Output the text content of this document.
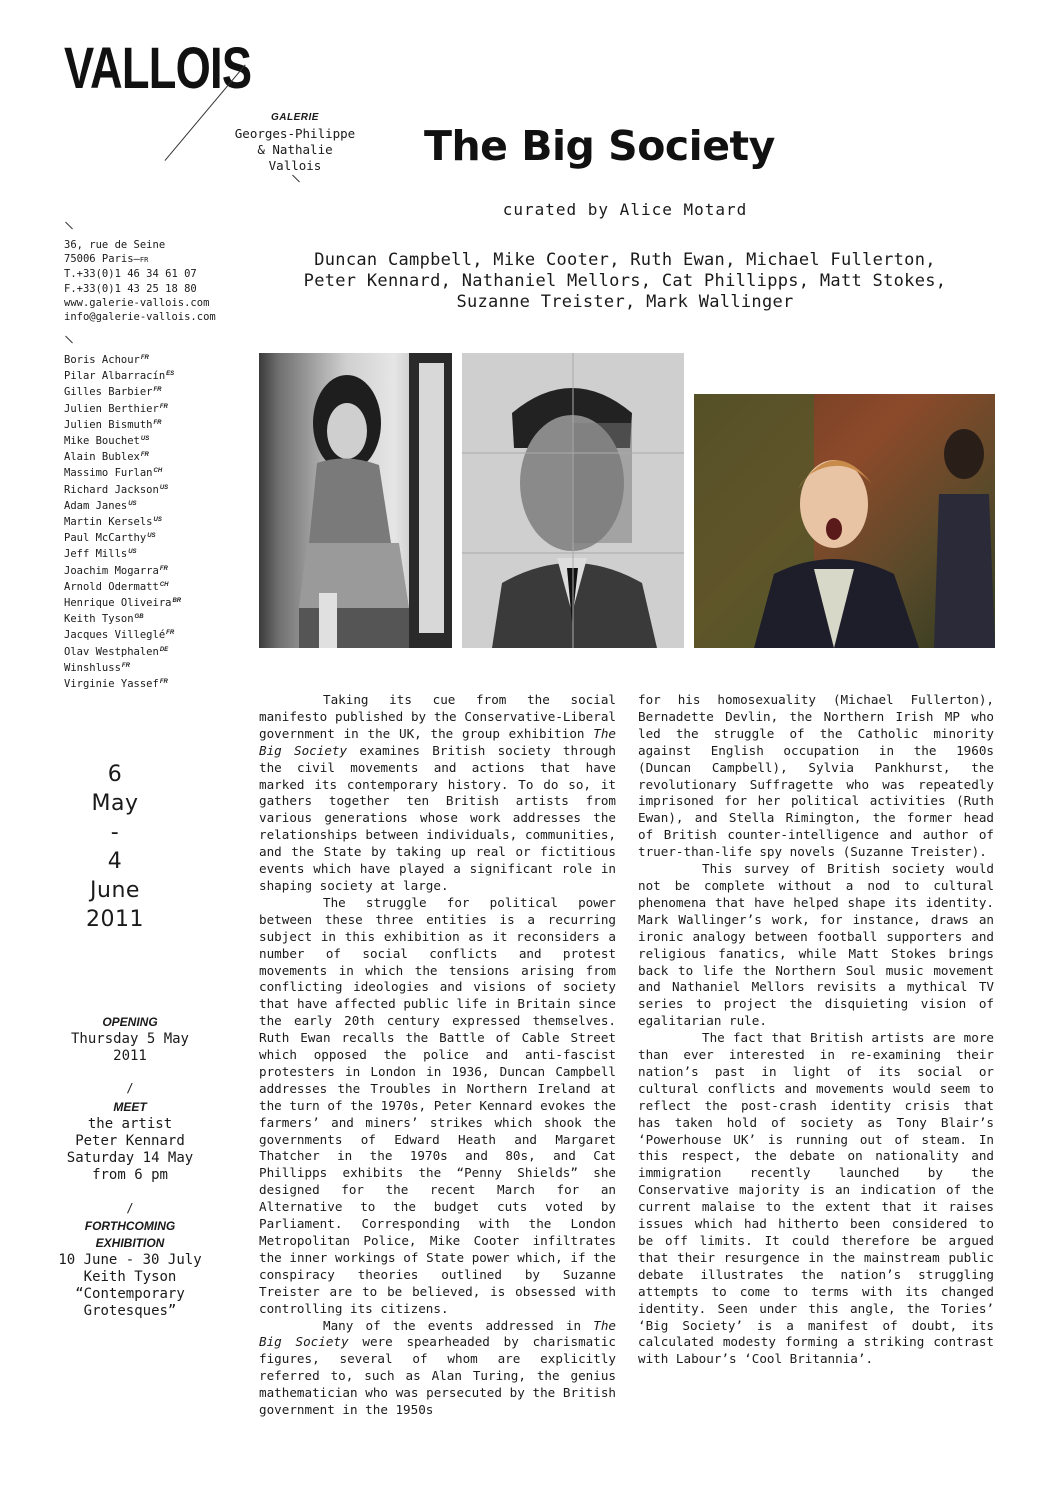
VALLOIS
GALERIE
Georges-Philippe
& Nathalie
Vallois	The Big Society
curated by Alice Motard
Duncan Campbell, Mike Cooter, Ruth Ewan, Michael Fullerton,
Peter Kennard, Nathaniel Mellors, Cat Phillipps, Matt Stokes,
Suzanne Treister, Mark Wallinger
36, rue de Seine
75006 Paris—FR
T.+33(0)1 46 34 61 07
F.+33(0)1 43 25 18 80
www.galerie-vallois.com
info@galerie-vallois.com
Boris Achour$^{FR}$
Pilar Albarracín$^{ES}$
Gilles Barbier$^{FR}$
Julien Berthier$^{FR}$
Julien Bismuth$^{FR}$
Mike Bouchet$^{US}$
Alain Bublex$^{FR}$
Massimo Furlan$^{CH}$
Richard Jackson$^{US}$
Adam Janes$^{US}$
Martin Kersels$^{US}$
Paul McCarthy$^{US}$
Jeff Mills$^{US}$
Joachim Mogarra$^{FR}$
Arnold Odermatt$^{CH}$
Henrique Oliveira$^{BR}$
Keith Tyson$^{GB}$
Jacques Villeglé$^{FR}$
Olav Westphalen$^{DE}$
Winshluss$^{FR}$
Virginie Yassef$^{FR}$
6
May
-
4
June
2011
OPENING
Thursday 5 May
2011
/
MEET
the artist
Peter Kennard
Saturday 14 May
from 6 pm
/
FORTHCOMING
EXHIBITION
10 June - 30 July
Keith Tyson
“Contemporary
Grotesques”

Taking its cue from the social manifesto published by the Conservative-Liberal government in the UK, the group exhibition The Big Society examines British society through the civil movements and actions that have marked its contemporary history. To do so, it gathers together ten British artists from various generations whose work addresses the relationships between individuals, communities, and the State by taking up real or fictitious events which have played a significant role in shaping society at large.

The struggle for political power between these three entities is a recurring subject in this exhibition as it reconsiders a number of social conflicts and protest movements in which the tensions arising from conflicting ideologies and visions of society that have affected public life in Britain since the early 20th century expressed themselves. Ruth Ewan recalls the Battle of Cable Street which opposed the police and anti-fascist protesters in London in 1936, Duncan Campbell addresses the Troubles in Northern Ireland at the turn of the 1970s, Peter Kennard evokes the farmers’ and miners’ strikes which shook the governments of Edward Heath and Margaret Thatcher in the 1970s and 80s, and Cat Phillipps exhibits the “Penny Shields” she designed for the recent March for an Alternative to the budget cuts voted by Parliament. Corresponding with the London Metropolitan Police, Mike Cooter infiltrates the inner workings of State power which, if the conspiracy theories outlined by Suzanne Treister are to be believed, is obsessed with controlling its citizens.

Many of the events addressed in The Big Society were spearheaded by charismatic figures, several of whom are explicitly referred to, such as Alan Turing, the genius mathematician who was persecuted by the British government in the 1950s

for his homosexuality (Michael Fullerton), Bernadette Devlin, the Northern Irish MP who led the struggle of the Catholic minority against English occupation in the 1960s (Duncan Campbell), Sylvia Pankhurst, the revolutionary Suffragette who was repeatedly imprisoned for her political activities (Ruth Ewan), and Stella Rimington, the former head of British counter-intelligence and author of truer-than-life spy novels (Suzanne Treister).

This survey of British society would not be complete without a nod to cultural phenomena that have helped shape its identity. Mark Wallinger’s work, for instance, draws an ironic analogy between football supporters and religious fanatics, while Matt Stokes brings back to life the Northern Soul music movement and Nathaniel Mellors revisits a mythical TV series to project the disquieting vision of egalitarian rule.

The fact that British artists are more than ever interested in re-examining their nation’s past in light of its social or cultural conflicts and movements would seem to reflect the post-crash identity crisis that has taken hold of society as Tony Blair’s ‘Powerhouse UK’ is running out of steam. In this respect, the debate on nationality and immigration recently launched by the Conservative majority is an indication of the current malaise to the extent that it raises issues which had hitherto been considered to be off limits. It could therefore be argued that their resurgence in the mainstream public debate illustrates the nation’s struggling attempts to come to terms with its changed identity. Seen under this angle, the Tories’ ‘Big Society’ is a manifest of doubt, its calculated modesty forming a striking contrast with Labour’s ‘Cool Britannia’.
